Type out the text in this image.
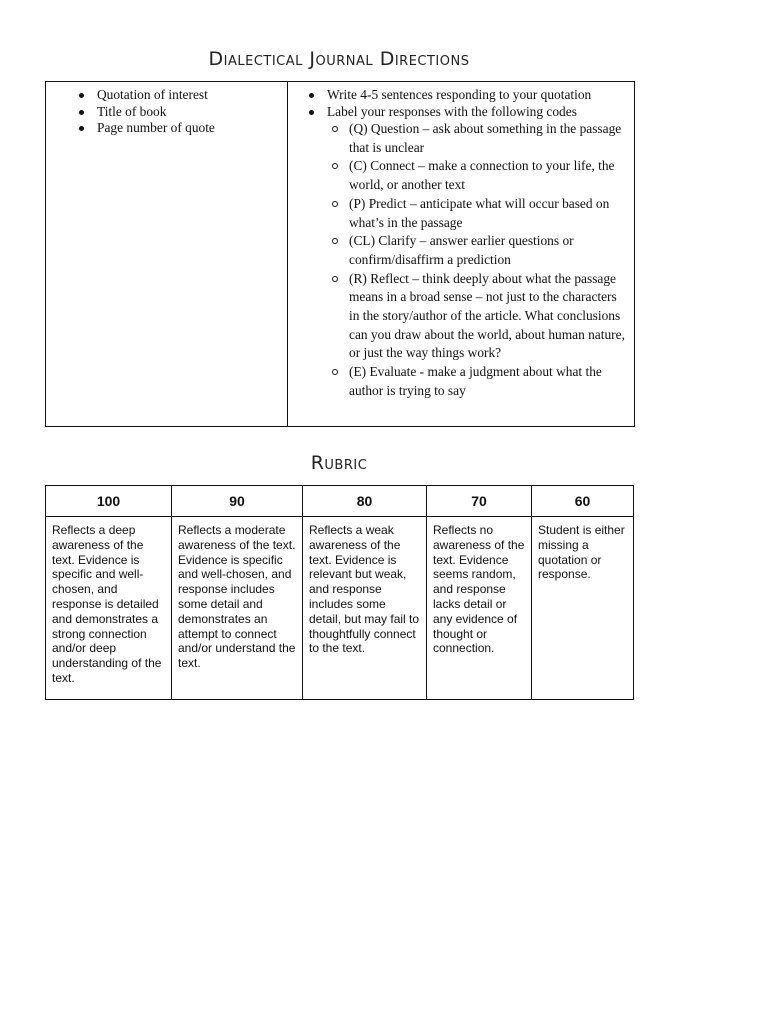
Dialectical Journal Directions
Quotation of interest
Title of book
Page number of quote

Write 4-5 sentences responding to your quotation
Label your responses with the following codes
(Q) Question – ask about something in the passage that is unclear
(C) Connect – make a connection to your life, the world, or another text
(P) Predict – anticipate what will occur based on what’s in the passage
(CL) Clarify – answer earlier questions or confirm/disaffirm a prediction
(R) Reflect – think deeply about what the passage means in a broad sense – not just to the characters in the story/author of the article. What conclusions can you draw about the world, about human nature, or just the way things work?
(E) Evaluate - make a judgment about what the author is trying to say
Rubric
100	90	80	70	60
Reflects a deep awareness of the text. Evidence is specific and well-chosen, and response is detailed and demonstrates a strong connection and/or deep understanding of the text.	Reflects a moderate awareness of the text. Evidence is specific and well-chosen, and response includes some detail and demonstrates an attempt to connect and/or understand the text.	Reflects a weak awareness of the text. Evidence is relevant but weak, and response includes some detail, but may fail to thoughtfully connect to the text.	Reflects no awareness of the text. Evidence seems random, and response lacks detail or any evidence of thought or connection.	Student is either missing a quotation or response.
